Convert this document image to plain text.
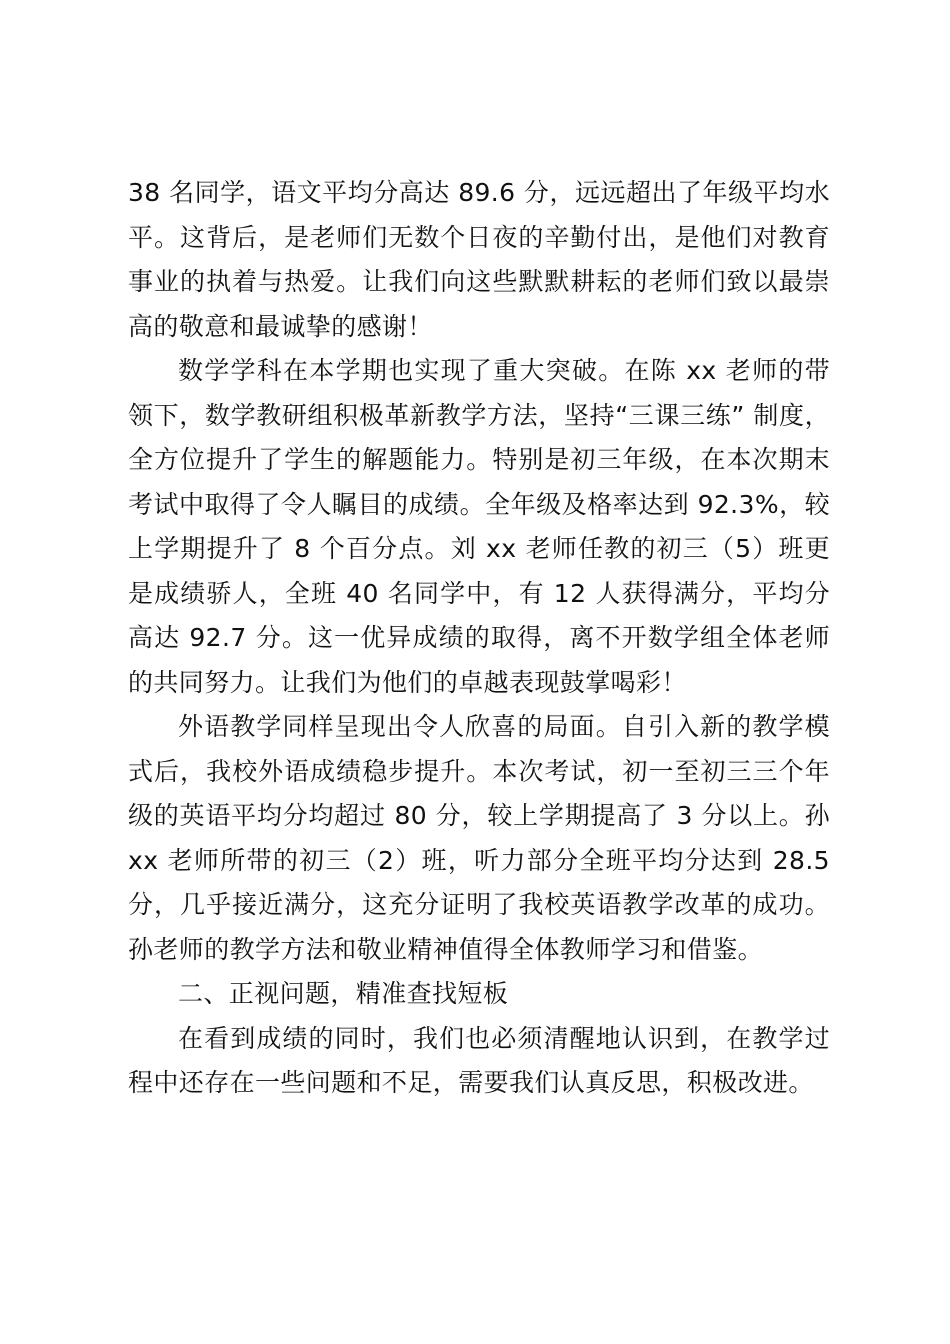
38 名同学，语文平均分高达 89.6 分，远远超出了年级平均水平。这背后，是老师们无数个日夜的辛勤付出，是他们对教育事业的执着与热爱。让我们向这些默默耕耘的老师们致以最崇高的敬意和最诚挚的感谢！

数学学科在本学期也实现了重大突破。在陈 xx 老师的带领下，数学教研组积极革新教学方法，坚持“三课三练” 制度，全方位提升了学生的解题能力。特别是初三年级，在本次期末考试中取得了令人瞩目的成绩。全年级及格率达到 92.3%，较上学期提升了 8 个百分点。刘 xx 老师任教的初三（5）班更是成绩骄人，全班 40 名同学中，有 12 人获得满分，平均分高达 92.7 分。这一优异成绩的取得，离不开数学组全体老师的共同努力。让我们为他们的卓越表现鼓掌喝彩！

外语教学同样呈现出令人欣喜的局面。自引入新的教学模式后，我校外语成绩稳步提升。本次考试，初一至初三三个年级的英语平均分均超过 80 分，较上学期提高了 3 分以上。孙 xx 老师所带的初三（2）班，听力部分全班平均分达到 28.5 分，几乎接近满分，这充分证明了我校英语教学改革的成功。孙老师的教学方法和敬业精神值得全体教师学习和借鉴。

二、正视问题，精准查找短板

在看到成绩的同时，我们也必须清醒地认识到，在教学过程中还存在一些问题和不足，需要我们认真反思，积极改进。
